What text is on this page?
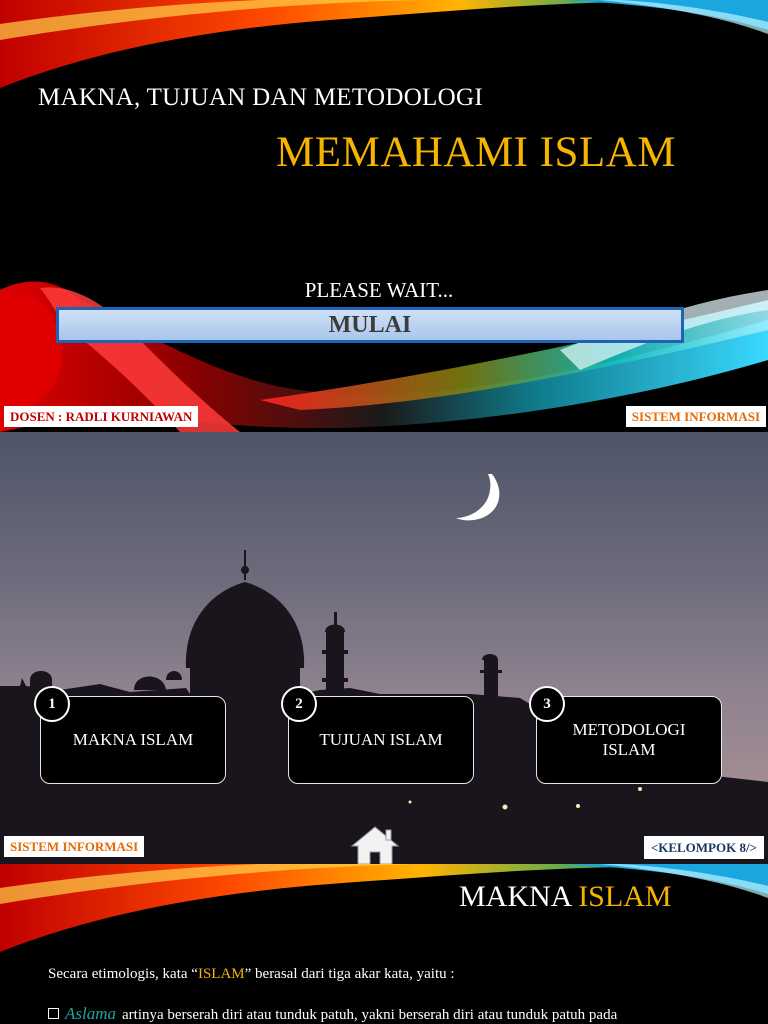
MAKNA, TUJUAN DAN METODOLOGI
MEMAHAMI ISLAM
PLEASE WAIT...
MULAI
DOSEN : RADLI KURNIAWAN	SISTEM INFORMASI
MAKNA ISLAM
1
TUJUAN ISLAM
2
METODOLOGI ISLAM
3
SISTEM INFORMASI	<KELOMPOK 8/>
MAKNA ISLAM
Secara etimologis, kata “ISLAM” berasal dari tiga akar kata, yaitu :
Aslama artinya berserah diri atau tunduk patuh, yakni berserah diri atau tunduk patuh pada
